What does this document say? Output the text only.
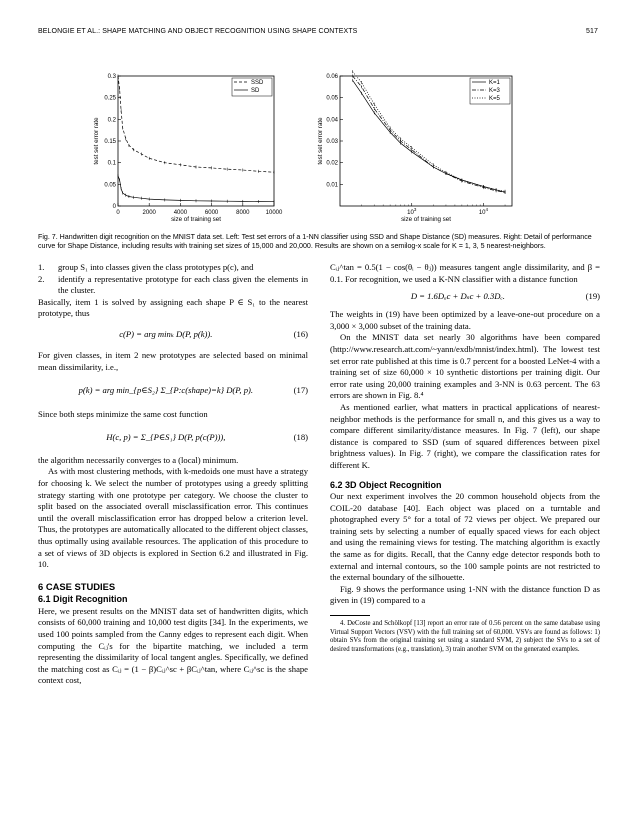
BELONGIE ET AL.: SHAPE MATCHING AND OBJECT RECOGNITION USING SHAPE CONTEXTS	517
0
0.05
0.1
0.15
0.2
0.25
0.3
0	2000	4000	6000	8000	10000
size of training set
test set error rate
SSD
SD
0.01
0.02
0.03
0.04
0.05
0.06
$10^3$
$10^4$
size of training set
test set error rate
K=1
K=3
K=5
Fig. 7. Handwritten digit recognition on the MNIST data set. Left: Test set errors of a 1-NN classifier using SSD and Shape Distance (SD) measures. Right: Detail of performance curve for Shape Distance, including results with training set sizes of 15,000 and 20,000. Results are shown on a semilog-x scale for K = 1, 3, 5 nearest-neighbors.
1.	group S₁ into classes given the class prototypes p(c), and
2.	identify a representative prototype for each class given the elements in the cluster.

Basically, item 1 is solved by assigning each shape P ∈ S₁ to the nearest prototype, thus

c(P) = arg minₖ D(P, p(k)).	(16)

For given classes, in item 2 new prototypes are selected based on minimal mean dissimilarity, i.e.,

p(k) = arg min_{p∈S₂} Σ_{P:c(shape)=k} D(P, p).	(17)

Since both steps minimize the same cost function

H(c, p) = Σ_{P∈S₁} D(P, p(c(P))),	(18)

the algorithm necessarily converges to a (local) minimum.

As with most clustering methods, with k-medoids one must have a strategy for choosing k. We select the number of prototypes using a greedy splitting strategy starting with one prototype per category. We choose the cluster to split based on the associated overall misclassification error. This continues until the overall misclassification error has dropped below a criterion level. Thus, the prototypes are automatically allocated to the different object classes, thus optimally using available resources. The application of this procedure to a set of views of 3D objects is explored in Section 6.2 and illustrated in Fig. 10.

6 CASE STUDIES

6.1 Digit Recognition

Here, we present results on the MNIST data set of handwritten digits, which consists of 60,000 training and 10,000 test digits [34]. In the experiments, we used 100 points sampled from the Canny edges to represent each digit. When computing the Cᵢⱼ's for the bipartite matching, we included a term representing the dissimilarity of local tangent angles. Specifically, we defined the matching cost as Cᵢⱼ = (1 − β)Cᵢⱼ^sc + βCᵢⱼ^tan, where Cᵢⱼ^sc is the shape context cost,

Cᵢⱼ^tan = 0.5(1 − cos(θᵢ − θⱼ)) measures tangent angle dissimilarity, and β = 0.1. For recognition, we used a K-NN classifier with a distance function

D = 1.6Dₐc + Dₛc + 0.3Dₑ.	(19)

The weights in (19) have been optimized by a leave-one-out procedure on a 3,000 × 3,000 subset of the training data.

On the MNIST data set nearly 30 algorithms have been compared (http://www.research.att.com/~yann/exdb/mnist/index.html). The lowest test set error rate published at this time is 0.7 percent for a boosted LeNet-4 with a training set of size 60,000 × 10 synthetic distortions per training digit. Our error rate using 20,000 training examples and 3-NN is 0.63 percent. The 63 errors are shown in Fig. 8.⁴

As mentioned earlier, what matters in practical applications of nearest-neighbor methods is the performance for small n, and this gives us a way to compare different similarity/distance measures. In Fig. 7 (left), our shape distance is compared to SSD (sum of squared differences between pixel brightness values). In Fig. 7 (right), we compare the classification rates for different K.

6.2 3D Object Recognition

Our next experiment involves the 20 common household objects from the COIL-20 database [40]. Each object was placed on a turntable and photographed every 5° for a total of 72 views per object. We prepared our training sets by selecting a number of equally spaced views for each object and using the remaining views for testing. The matching algorithm is exactly the same as for digits. Recall, that the Canny edge detector responds both to external and internal contours, so the 100 sample points are not restricted to the external boundary of the silhouette.

Fig. 9 shows the performance using 1-NN with the distance function D as given in (19) compared to a

4. DeCoste and Schölkopf [13] report an error rate of 0.56 percent on the same database using Virtual Support Vectors (VSV) with the full training set of 60,000. VSVs are found as follows: 1) obtain SVs from the original training set using a standard SVM, 2) subject the SVs to a set of desired transformations (e.g., translation), 3) train another SVM on the generated examples.
